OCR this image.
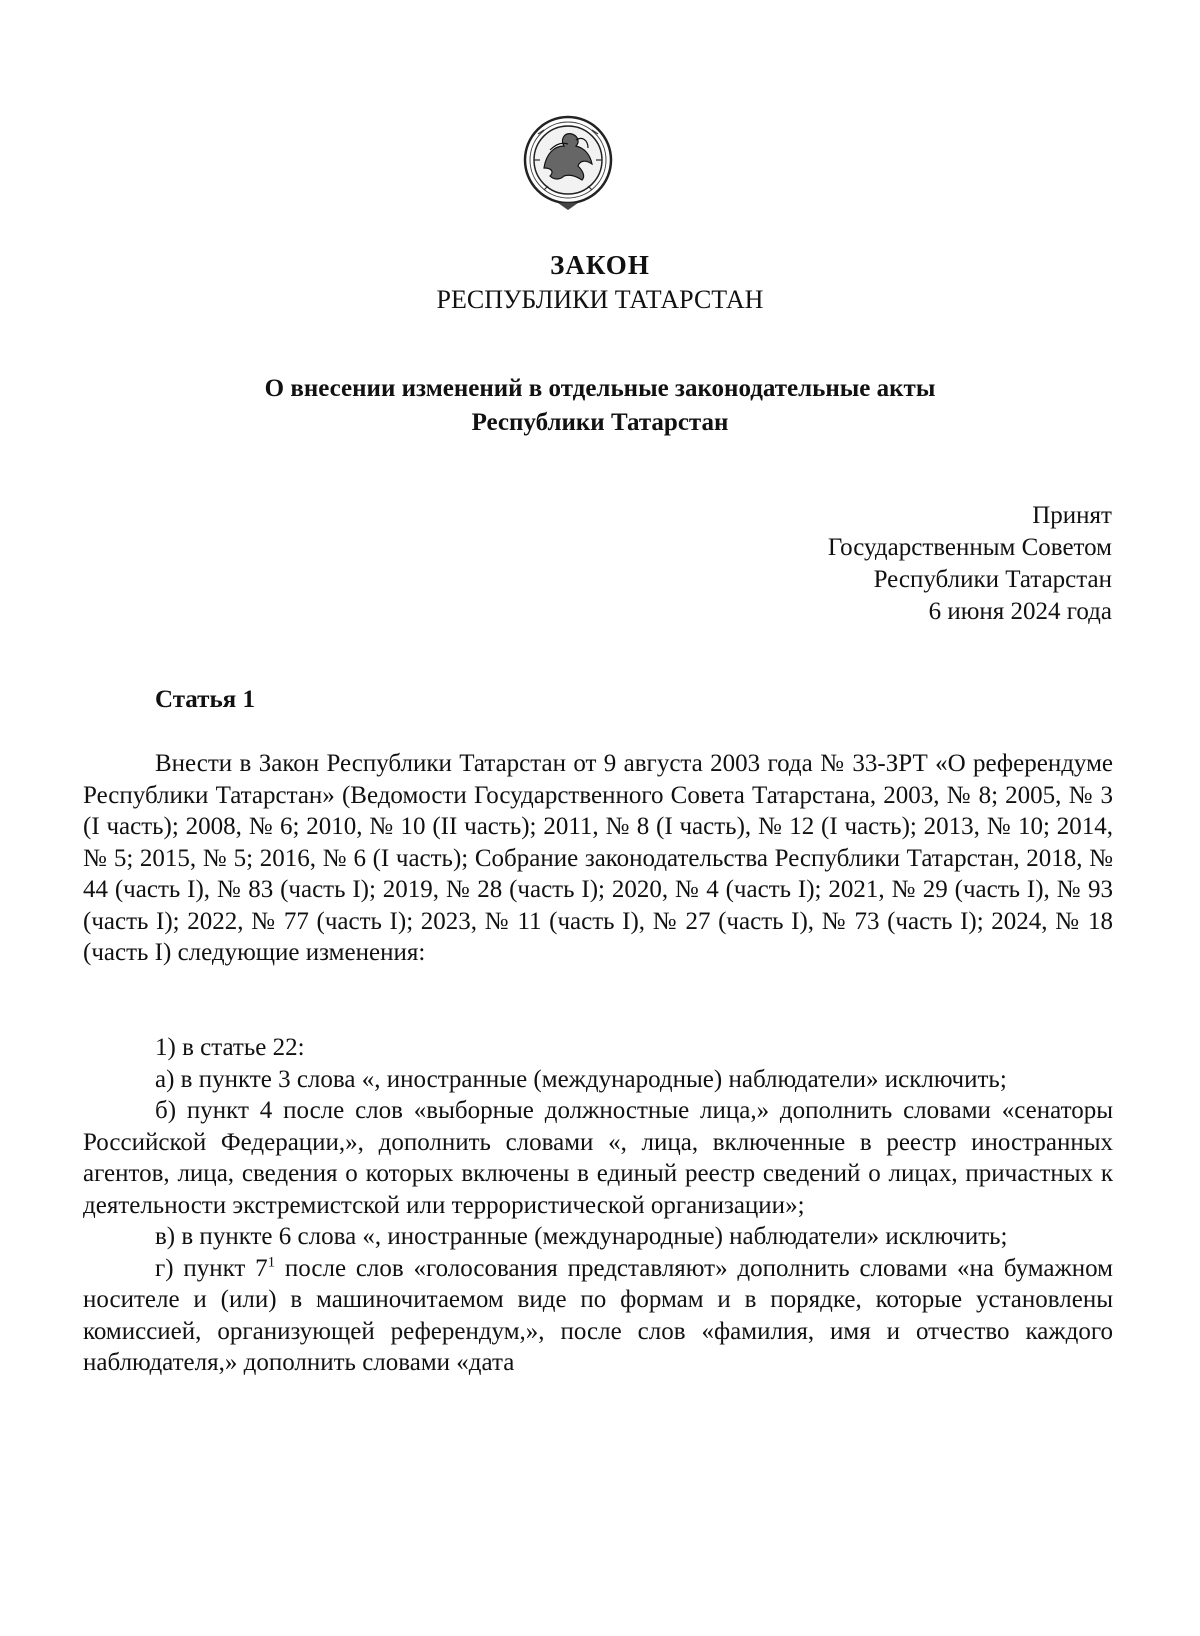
ЗАКОН
РЕСПУБЛИКИ ТАТАРСТАН
О внесении изменений в отдельные законодательные акты
Республики Татарстан
Принят
Государственным Советом
Республики Татарстан
6 июня 2024 года
Статья 1

Внести в Закон Республики Татарстан от 9 августа 2003 года № 33-ЗРТ «О референдуме Республики Татарстан» (Ведомости Государственного Совета Татарстана, 2003, № 8; 2005, № 3 (I часть); 2008, № 6; 2010, № 10 (II часть); 2011, № 8 (I часть), № 12 (I часть); 2013, № 10; 2014, № 5; 2015, № 5; 2016, № 6 (I часть); Собрание законодательства Республики Татарстан, 2018, № 44 (часть I), № 83 (часть I); 2019, № 28 (часть I); 2020, № 4 (часть I); 2021, № 29 (часть I), № 93 (часть I); 2022, № 77 (часть I); 2023, № 11 (часть I), № 27 (часть I), № 73 (часть I); 2024, № 18 (часть I) следующие изменения:

1) в статье 22:

а) в пункте 3 слова «, иностранные (международные) наблюдатели» исключить;

б) пункт 4 после слов «выборные должностные лица,» дополнить словами «сенаторы Российской Федерации,», дополнить словами «, лица, включенные в реестр иностранных агентов, лица, сведения о которых включены в единый реестр сведений о лицах, причастных к деятельности экстремистской или террористической организации»;

в) в пункте 6 слова «, иностранные (международные) наблюдатели» исключить;

г) пункт $7^1$ после слов «голосования представляют» дополнить словами «на бумажном носителе и (или) в машиночитаемом виде по формам и в порядке, которые установлены комиссией, организующей референдум,», после слов «фамилия, имя и отчество каждого наблюдателя,» дополнить словами «дата
